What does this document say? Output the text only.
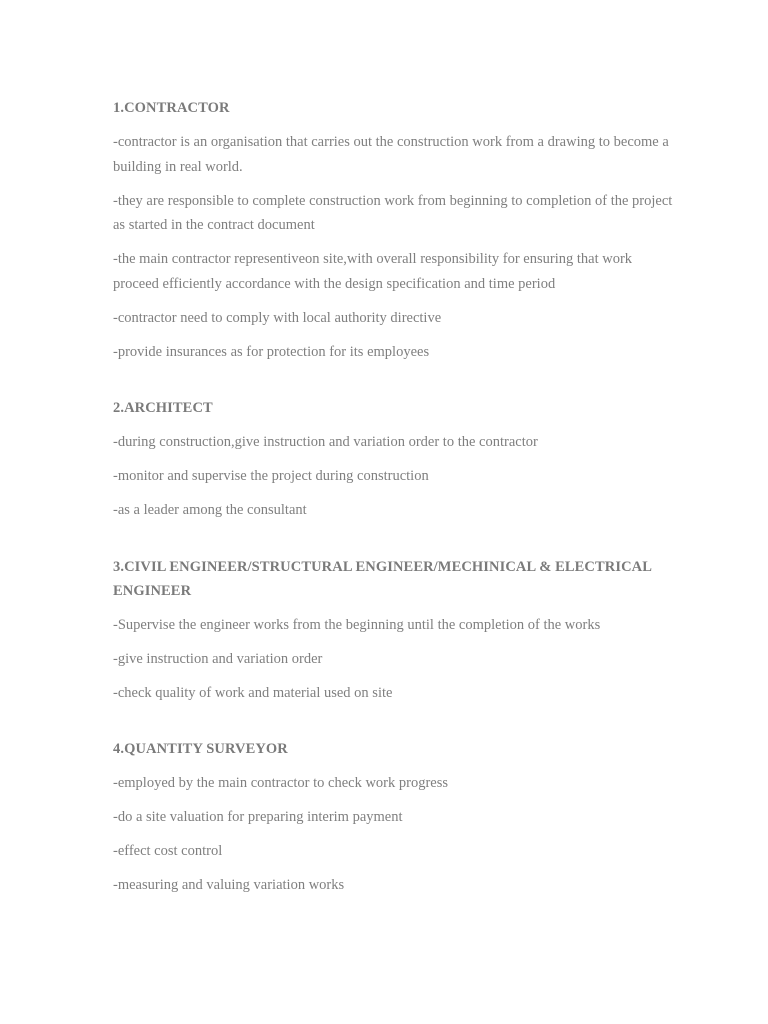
1.CONTRACTOR
-contractor is an organisation that carries out the construction work from a drawing to become a building in real world.
-they are responsible to complete construction work from beginning to completion of the project as started in the contract document
-the main contractor representiveon site,with overall responsibility for ensuring that work proceed efficiently accordance with the design specification and time period
-contractor need to comply with local authority directive
-provide insurances as for protection for its employees
2.ARCHITECT
-during construction,give instruction and variation order to the contractor
-monitor and supervise the project during construction
-as a leader among the consultant
3.CIVIL ENGINEER/STRUCTURAL ENGINEER/MECHINICAL & ELECTRICAL ENGINEER
-Supervise the engineer works from the beginning until the completion of the works
-give instruction and variation order
-check quality of work and material used on site
4.QUANTITY SURVEYOR
-employed by the main contractor to check work progress
-do a site valuation for preparing interim payment
-effect cost control
-measuring and valuing variation works
